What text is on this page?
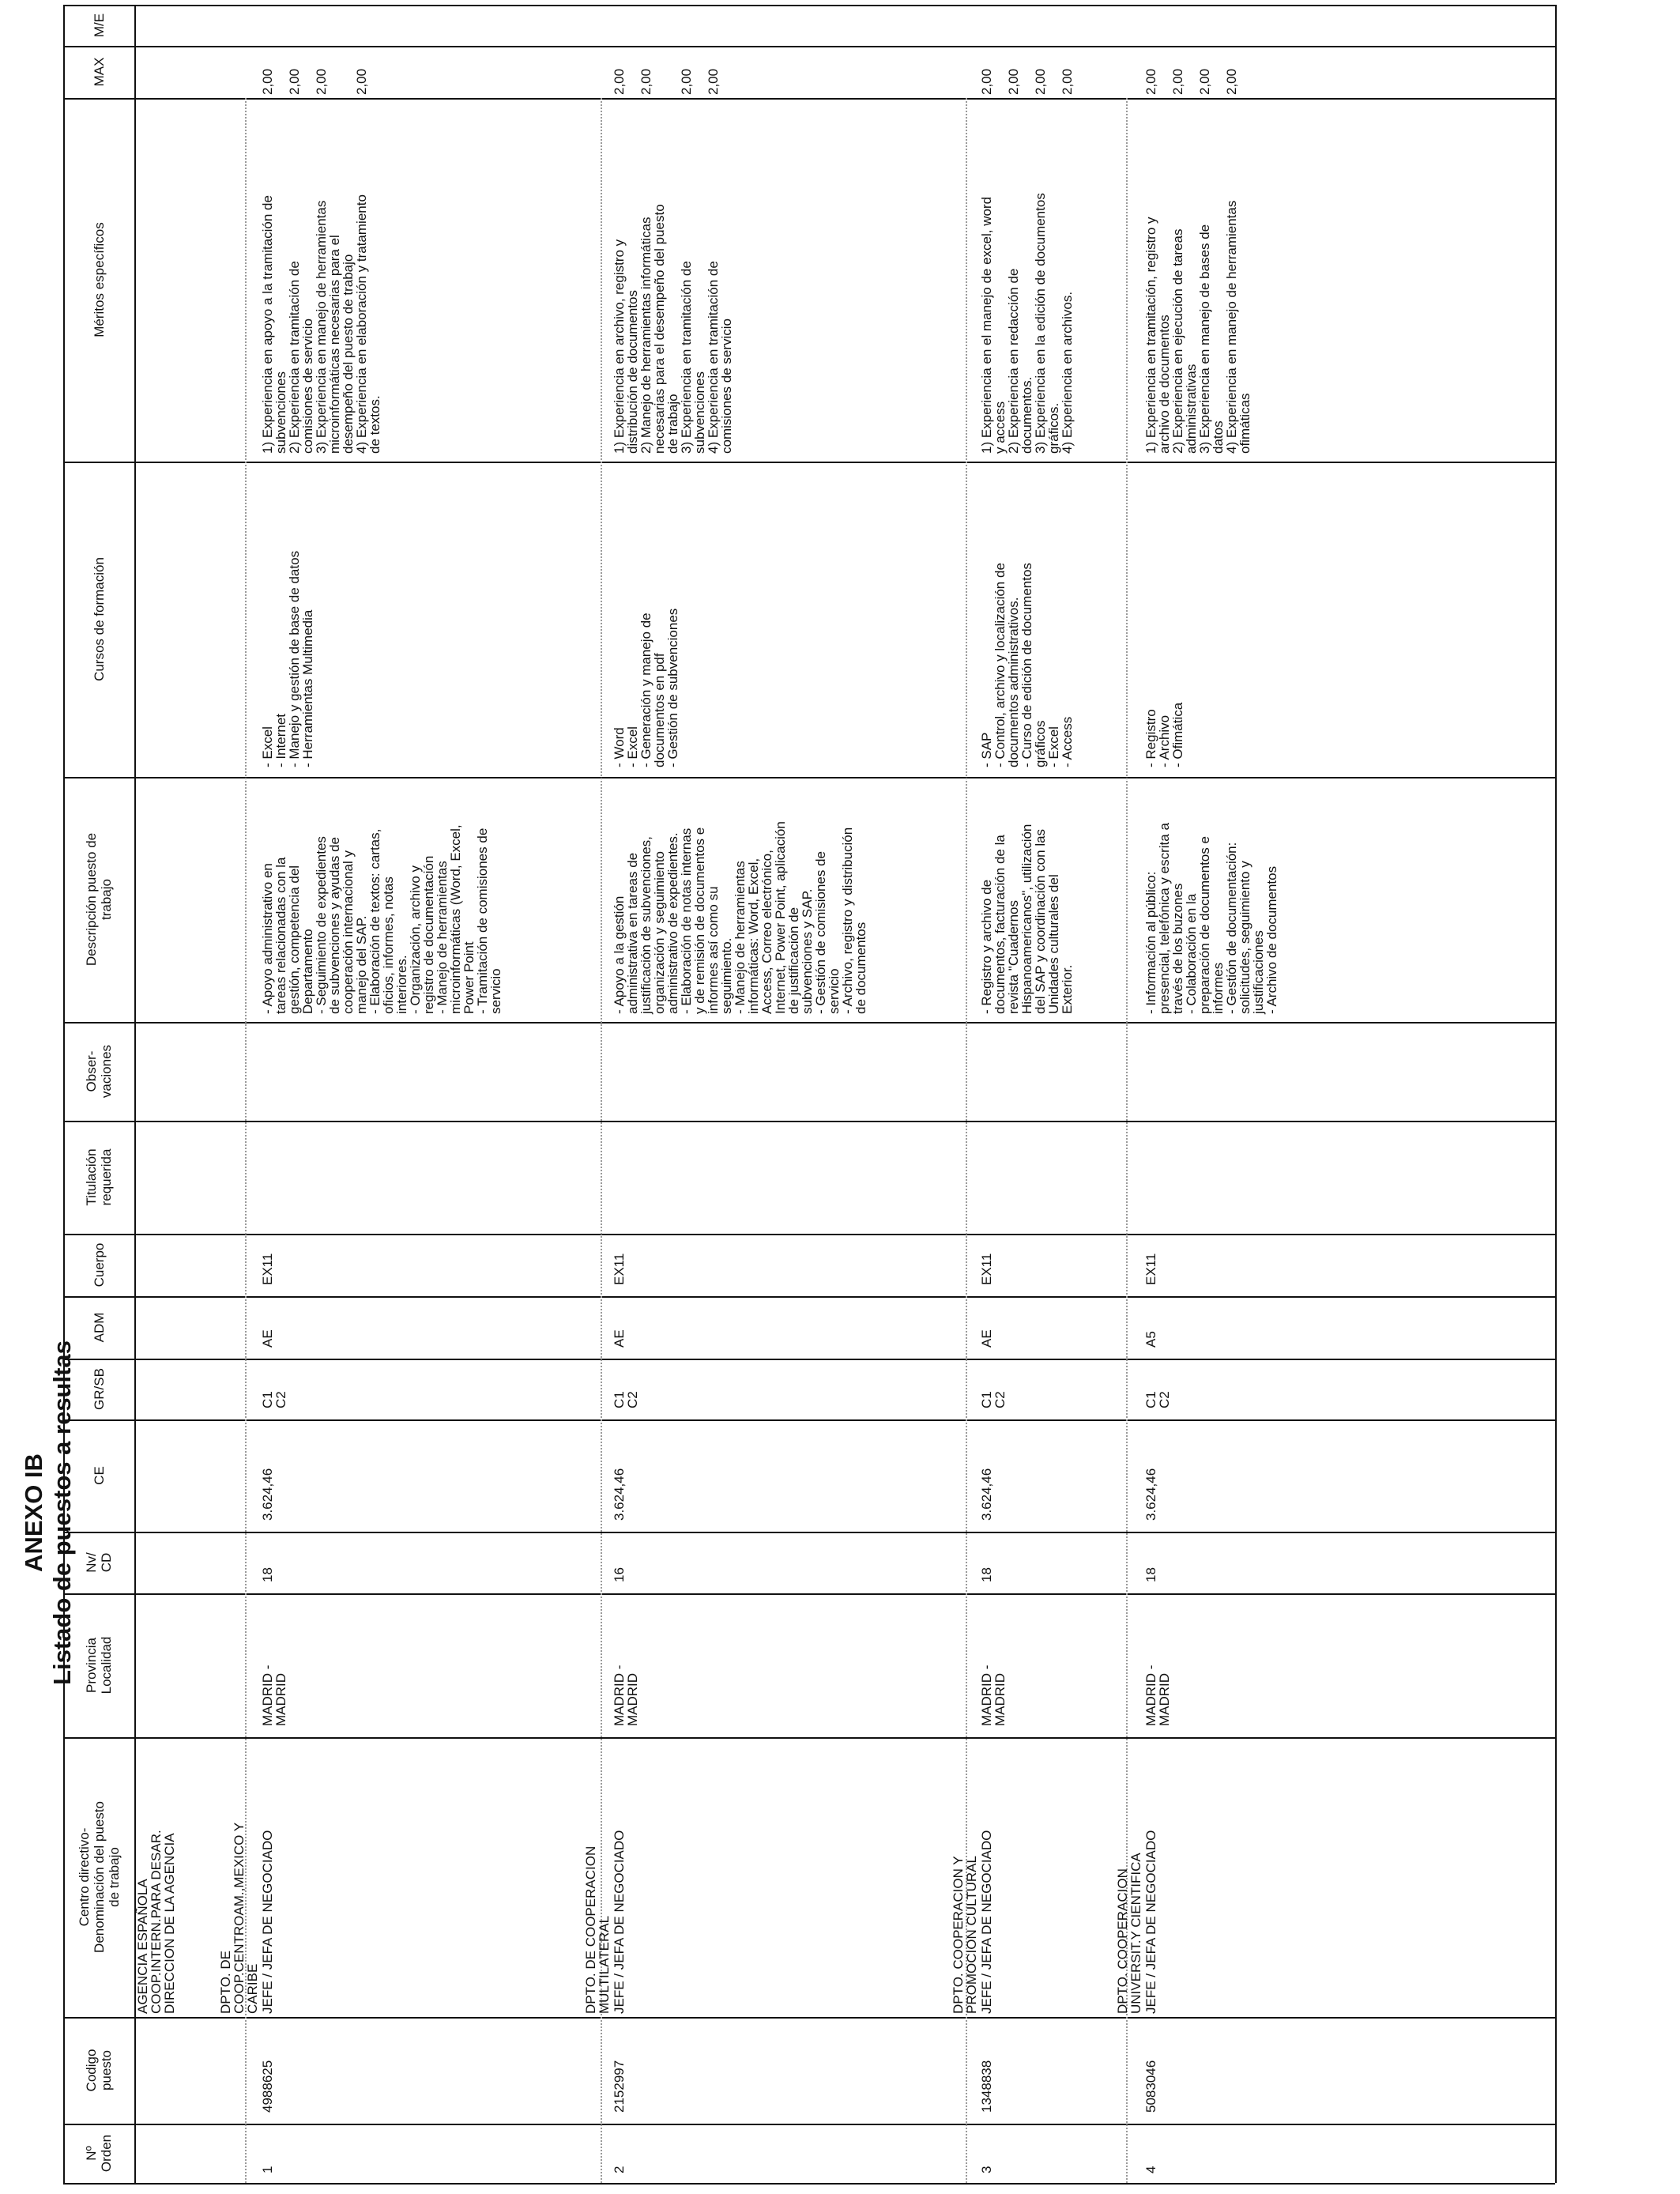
ANEXO IB Listado de puestos a resultas
M/E
MAX
Méritos específicos
Cursos de formación
Descripción puesto de trabajo
Obser- vaciones
Titulación requerida
Cuerpo
ADM
GR/SB
CE
Nv/ CD
Provincia Localidad
Centro directivo- Denominación del puesto de trabajo
Codigo puesto
Nº Orden
AGENCIA ESPAÑOLA
COOP.INTERN.PARA DESAR.
DIRECCION DE LA AGENCIA
1
4988625
18
3.624,46
AE
EX11
C1
C2
MADRID -
MADRID
DPTO. DE
COOP.CENTROAM.,MEXICO Y
CARIBE JEFE / JEFA DE NEGOCIADO
- Apoyo administrativo en
tareas relacionadas con la
gestión, competencia del
Departamento
- Seguimiento de expedientes
de subvenciones y ayudas de
cooperación internacional y
manejo del SAP.
- Elaboración de textos: cartas,
oficios, informes, notas
interiores.
- Organización, archivo y
registro de documentación
- Manejo de herramientas
microinformáticas (Word, Excel,
Power Point
- Tramitación de comisiones de
servicio
- Excel
- Internet
- Manejo y gestión de base de datos
- Herramientas Multimedia
1) Experiencia en apoyo a la tramitación de
subvenciones
2) Experiencia en tramitación de
comisiones de servicio
3) Experiencia en manejo de herramientas
microinformáticas necesarias para el
desempeño del puesto de trabajo
4) Experiencia en elaboración y tratamiento
de textos.
2,00
2,00
2,00

2,00

2
2152997
16
3.624,46
AE
EX11
C1
C2
MADRID -
MADRID
DPTO. DE COOPERACION
MULTILATERAL JEFE / JEFA DE NEGOCIADO
- Apoyo a la gestión
administrativa en tareas de
justificación de subvenciones,
organización y seguimiento
administrativo de expedientes.
- Elaboración de notas internas
y de remisión de documentos e
informes así como su
seguimiento.
- Manejo de herramientas
informáticas: Word, Excel,
Access, Correo electrónico,
Internet, Power Point, aplicación
de justificación de
subvenciones y SAP.
- Gestión de comisiones de
servicio
- Archivo, registro y distribución
de documentos
- Word
- Excel
- Generación y manejo de
documentos en pdf
- Gestión de subvenciones
1) Experiencia en archivo, registro y
distribución de documentos
2) Manejo de herramientas informáticas
necesarias para el desempeño del puesto
de trabajo
3) Experiencia en tramitación de
subvenciones
4) Experiencia en tramitación de
comisiones de servicio
2,00
2,00

2,00
2,00

3
1348838
18
3.624,46
AE
EX11
C1
C2
MADRID -
MADRID
DPTO. COOPERACION Y
PROMOCION CULTURAL JEFE / JEFA DE NEGOCIADO
- Registro y archivo de
documentos, facturación de la
revista "Cuadernos
Hispanoamericanos", utilización
del SAP y coordinación con las
Unidades culturales del
Exterior.
- SAP
- Control, archivo y localización de
documentos administrativos.
- Curso de edición de documentos
gráficos
- Excel
- Access
1) Experiencia en el manejo de excel, word
y access
2) Experiencia en redacción de
documentos.
3) Experiencia en la edición de documentos
gráficos.
4) Experiencia en archivos.
2,00
2,00
2,00
2,00
4
5083046
18
3.624,46
A5
EX11
C1
C2
MADRID -
MADRID
DPTO. COOPERACION
UNIVERSIT.Y CIENTIFICA JEFE / JEFA DE NEGOCIADO
- Información al público:
presencial, telefónica y escrita a
través de los buzones
- Colaboración en la
preparación de documentos e
informes
- Gestión de documentación:
solicitudes, seguimiento y
justificaciones
- Archivo de documentos
- Registro
- Archivo
- Ofimática
1) Experiencia en tramitación, registro y
archivo de documentos
2) Experiencia en ejecución de tareas
administrativas
3) Experiencia en manejo de bases de
datos
4) Experiencia en manejo de herramientas
ofimáticas
2,00
2,00
2,00
2,00
